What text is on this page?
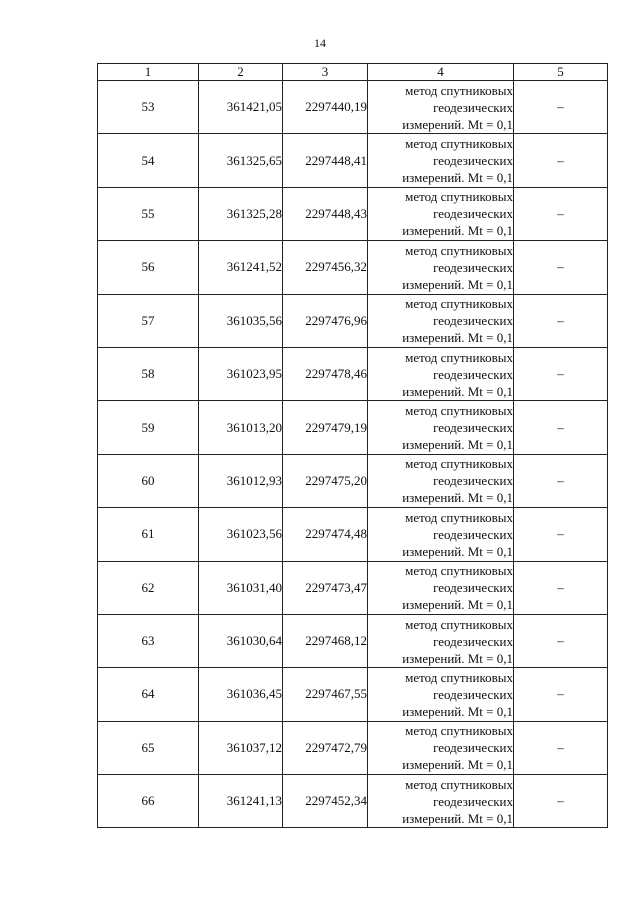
14
1	2	3	4	5
53	361421,05	2297440,19	метод спутниковых
геодезических
измерений. Mt = 0,1	–
54	361325,65	2297448,41	метод спутниковых
геодезических
измерений. Mt = 0,1	–
55	361325,28	2297448,43	метод спутниковых
геодезических
измерений. Mt = 0,1	–
56	361241,52	2297456,32	метод спутниковых
геодезических
измерений. Mt = 0,1	–
57	361035,56	2297476,96	метод спутниковых
геодезических
измерений. Mt = 0,1	–
58	361023,95	2297478,46	метод спутниковых
геодезических
измерений. Mt = 0,1	–
59	361013,20	2297479,19	метод спутниковых
геодезических
измерений. Mt = 0,1	–
60	361012,93	2297475,20	метод спутниковых
геодезических
измерений. Mt = 0,1	–
61	361023,56	2297474,48	метод спутниковых
геодезических
измерений. Mt = 0,1	–
62	361031,40	2297473,47	метод спутниковых
геодезических
измерений. Mt = 0,1	–
63	361030,64	2297468,12	метод спутниковых
геодезических
измерений. Mt = 0,1	–
64	361036,45	2297467,55	метод спутниковых
геодезических
измерений. Mt = 0,1	–
65	361037,12	2297472,79	метод спутниковых
геодезических
измерений. Mt = 0,1	–
66	361241,13	2297452,34	метод спутниковых
геодезических
измерений. Mt = 0,1	–
